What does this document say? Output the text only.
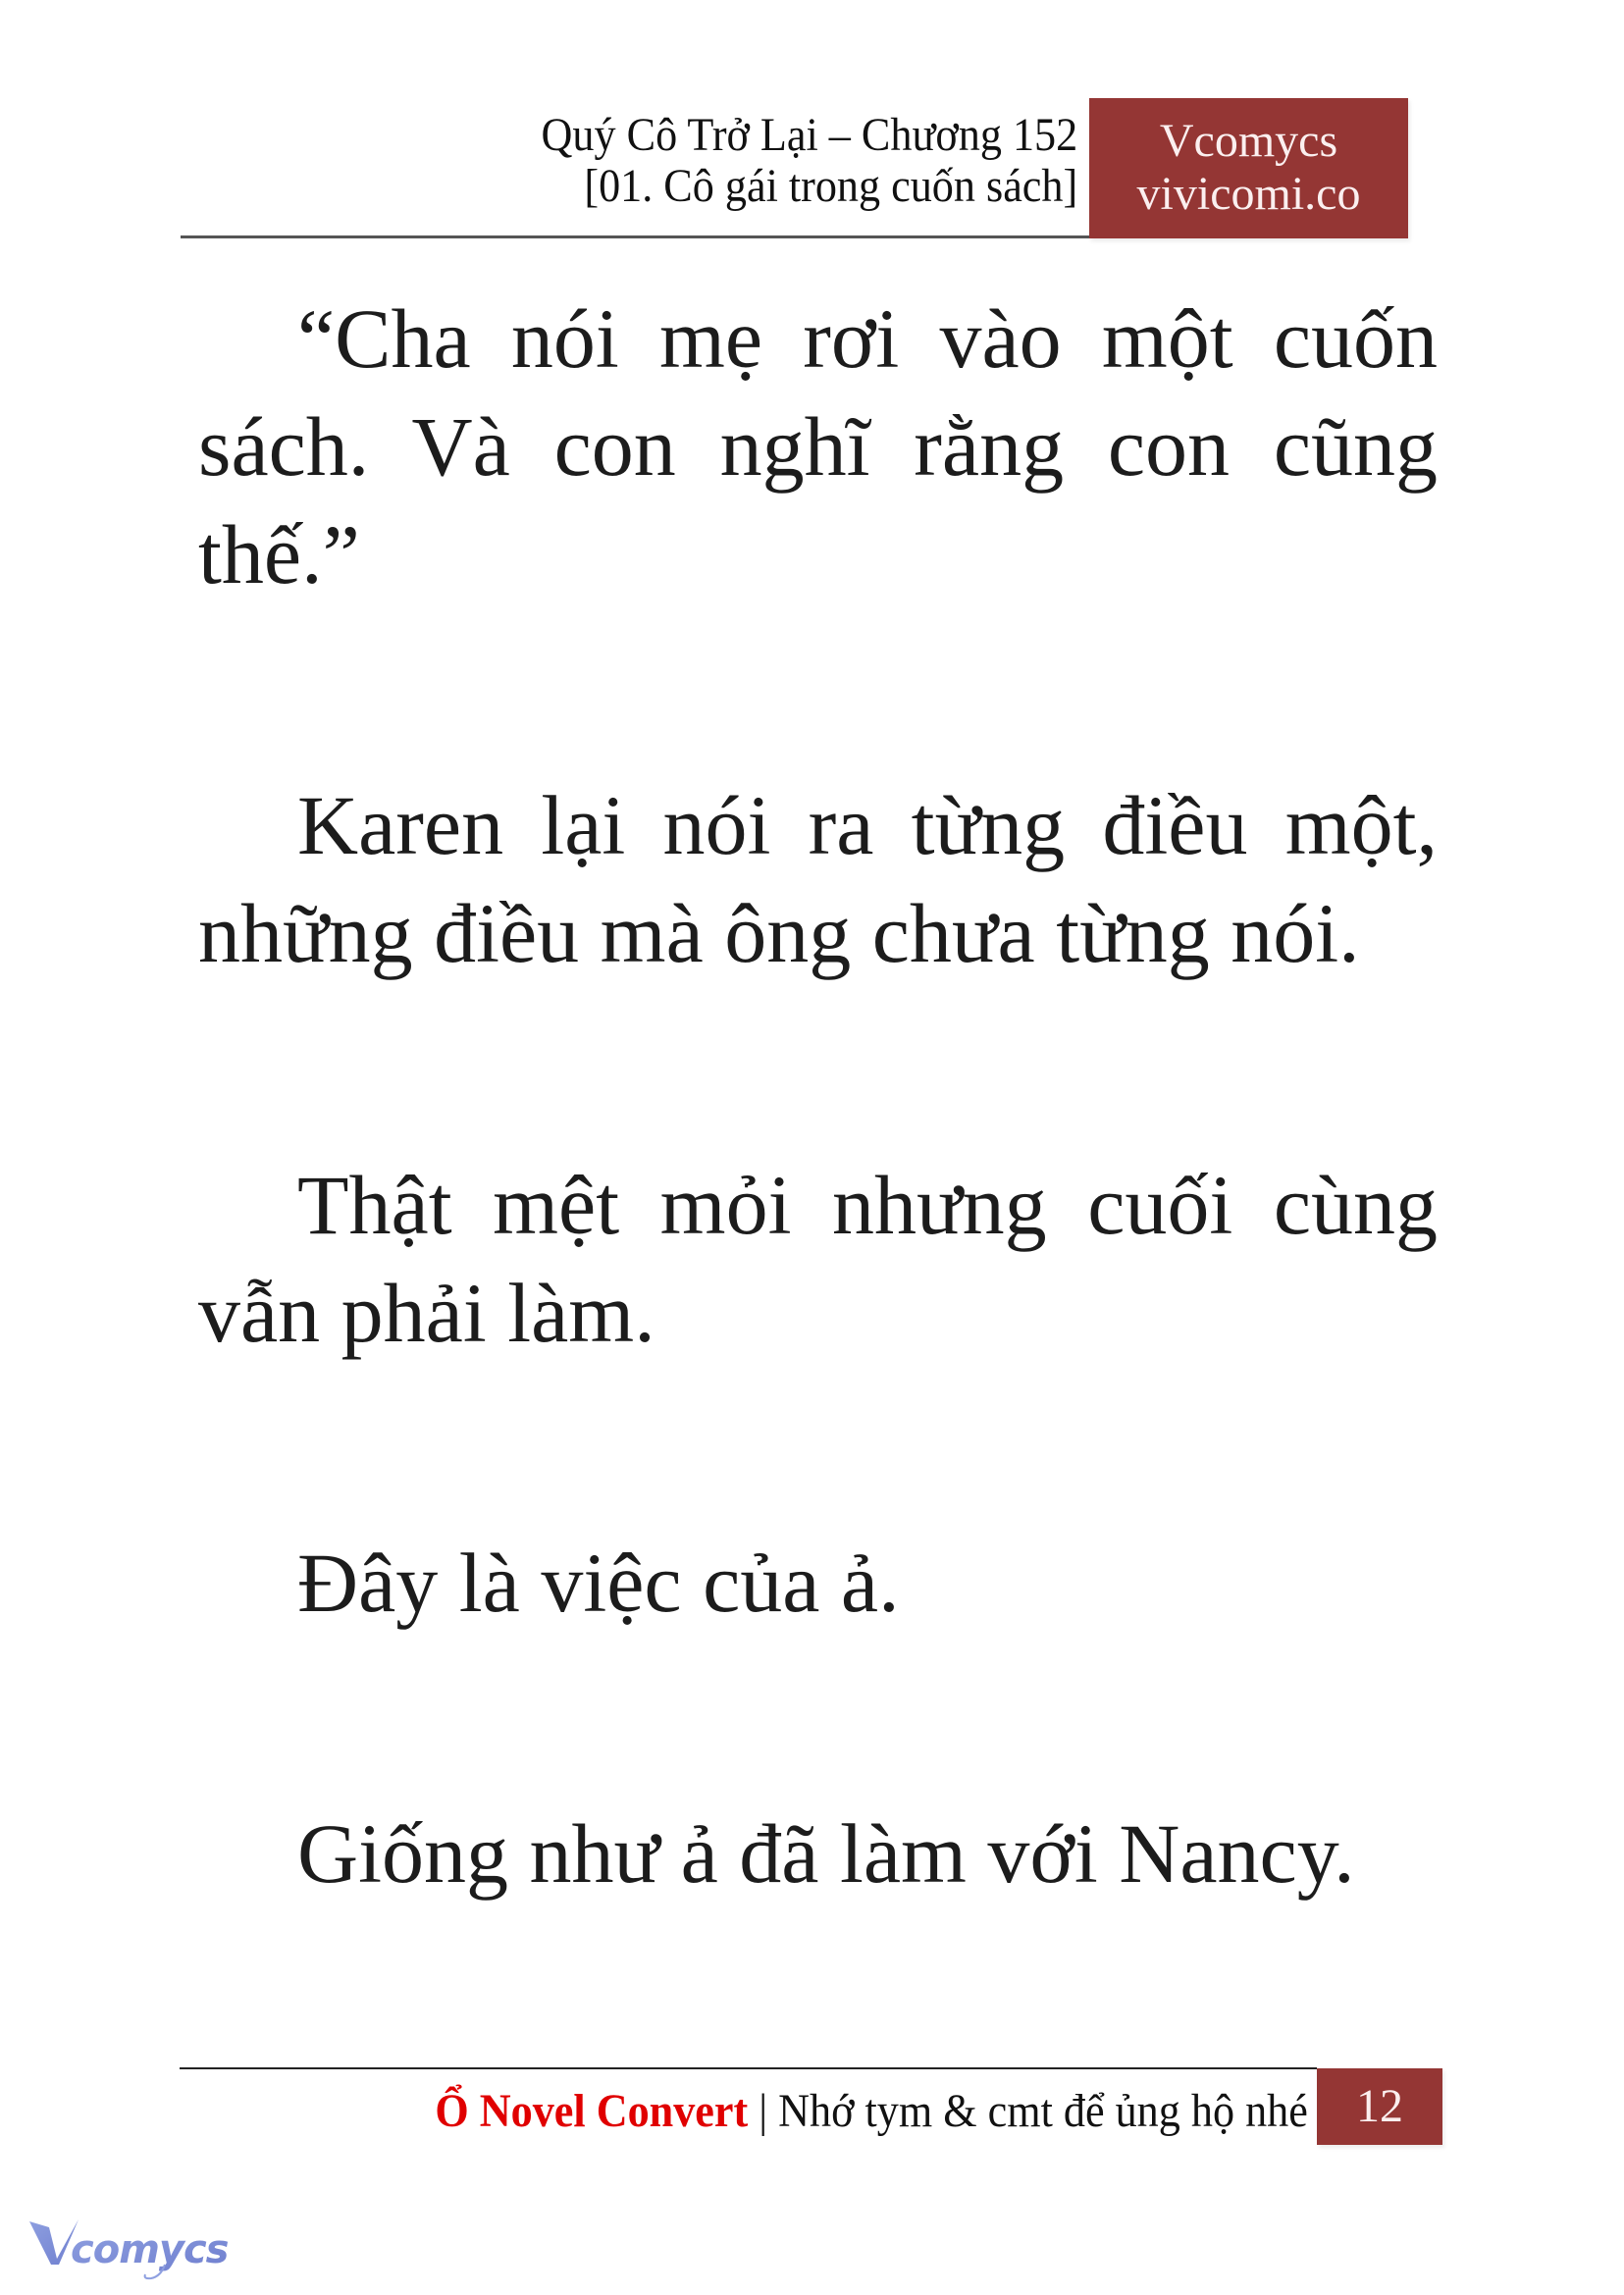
Quý Cô Trở Lại – Chương 152
[01. Cô gái trong cuốn sách]
Vcomycs
vivicomi.co

“Cha nói mẹ rơi vào một cuốn sách. Và con nghĩ rằng con cũng thế.”

Karen lại nói ra từng điều một, những điều mà ông chưa từng nói.

Thật mệt mỏi nhưng cuối cùng vẫn phải làm.

Đây là việc của ả.

Giống như ả đã làm với Nancy.

Ổ Novel Convert | Nhớ tym & cmt để ủng hộ nhé	12
comycs
